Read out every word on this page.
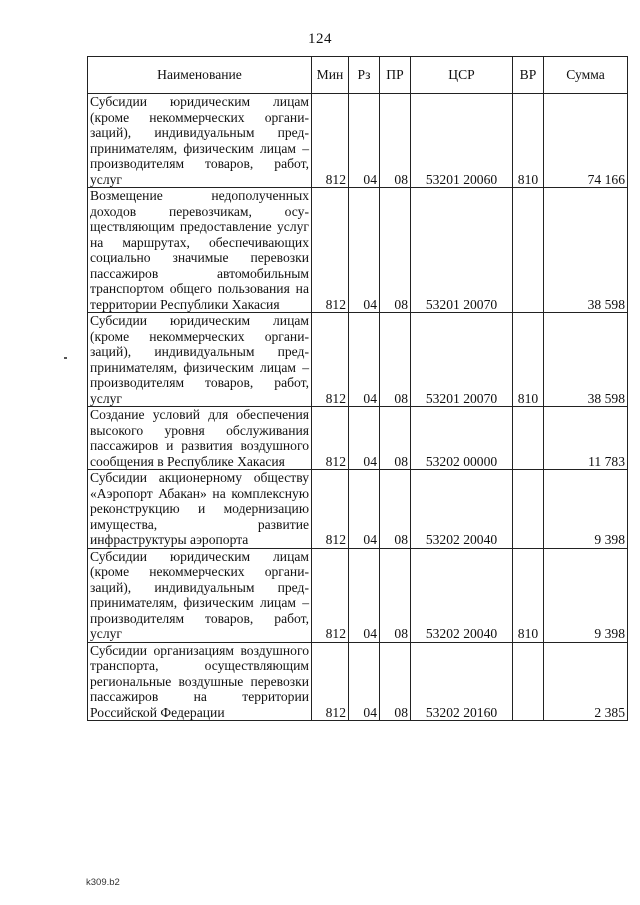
124
Наименование	Мин	Рз	ПР	ЦСР	ВР	Сумма
Субсидии юридическим лицам (кроме некоммерческих организаций), индивидуальным предпринимателям, физическим лицам – производителям товаров, работ, услуг	812	04	08	53201 20060	810	74 166
Возмещение недополученных доходов перевозчикам, осуществляющим предоставление услуг на маршрутах, обеспечивающих социально значимые перевозки пассажиров автомобильным транспортом общего пользования на территории Республики Хакасия	812	04	08	53201 20070		38 598
Субсидии юридическим лицам (кроме некоммерческих организаций), индивидуальным предпринимателям, физическим лицам – производителям товаров, работ, услуг	812	04	08	53201 20070	810	38 598
Создание условий для обеспечения высокого уровня обслуживания пассажиров и развития воздушного сообщения в Республике Хакасия	812	04	08	53202 00000		11 783
Субсидии акционерному обществу «Аэропорт Абакан» на комплексную реконструкцию и модернизацию имущества, развитие инфраструктуры аэропорта	812	04	08	53202 20040		9 398
Субсидии юридическим лицам (кроме некоммерческих организаций), индивидуальным предпринимателям, физическим лицам – производителям товаров, работ, услуг	812	04	08	53202 20040	810	9 398
Субсидии организациям воздушного транспорта, осуществляющим региональные воздушные перевозки пассажиров на территории Российской Федерации	812	04	08	53202 20160		2 385
k309.b2
